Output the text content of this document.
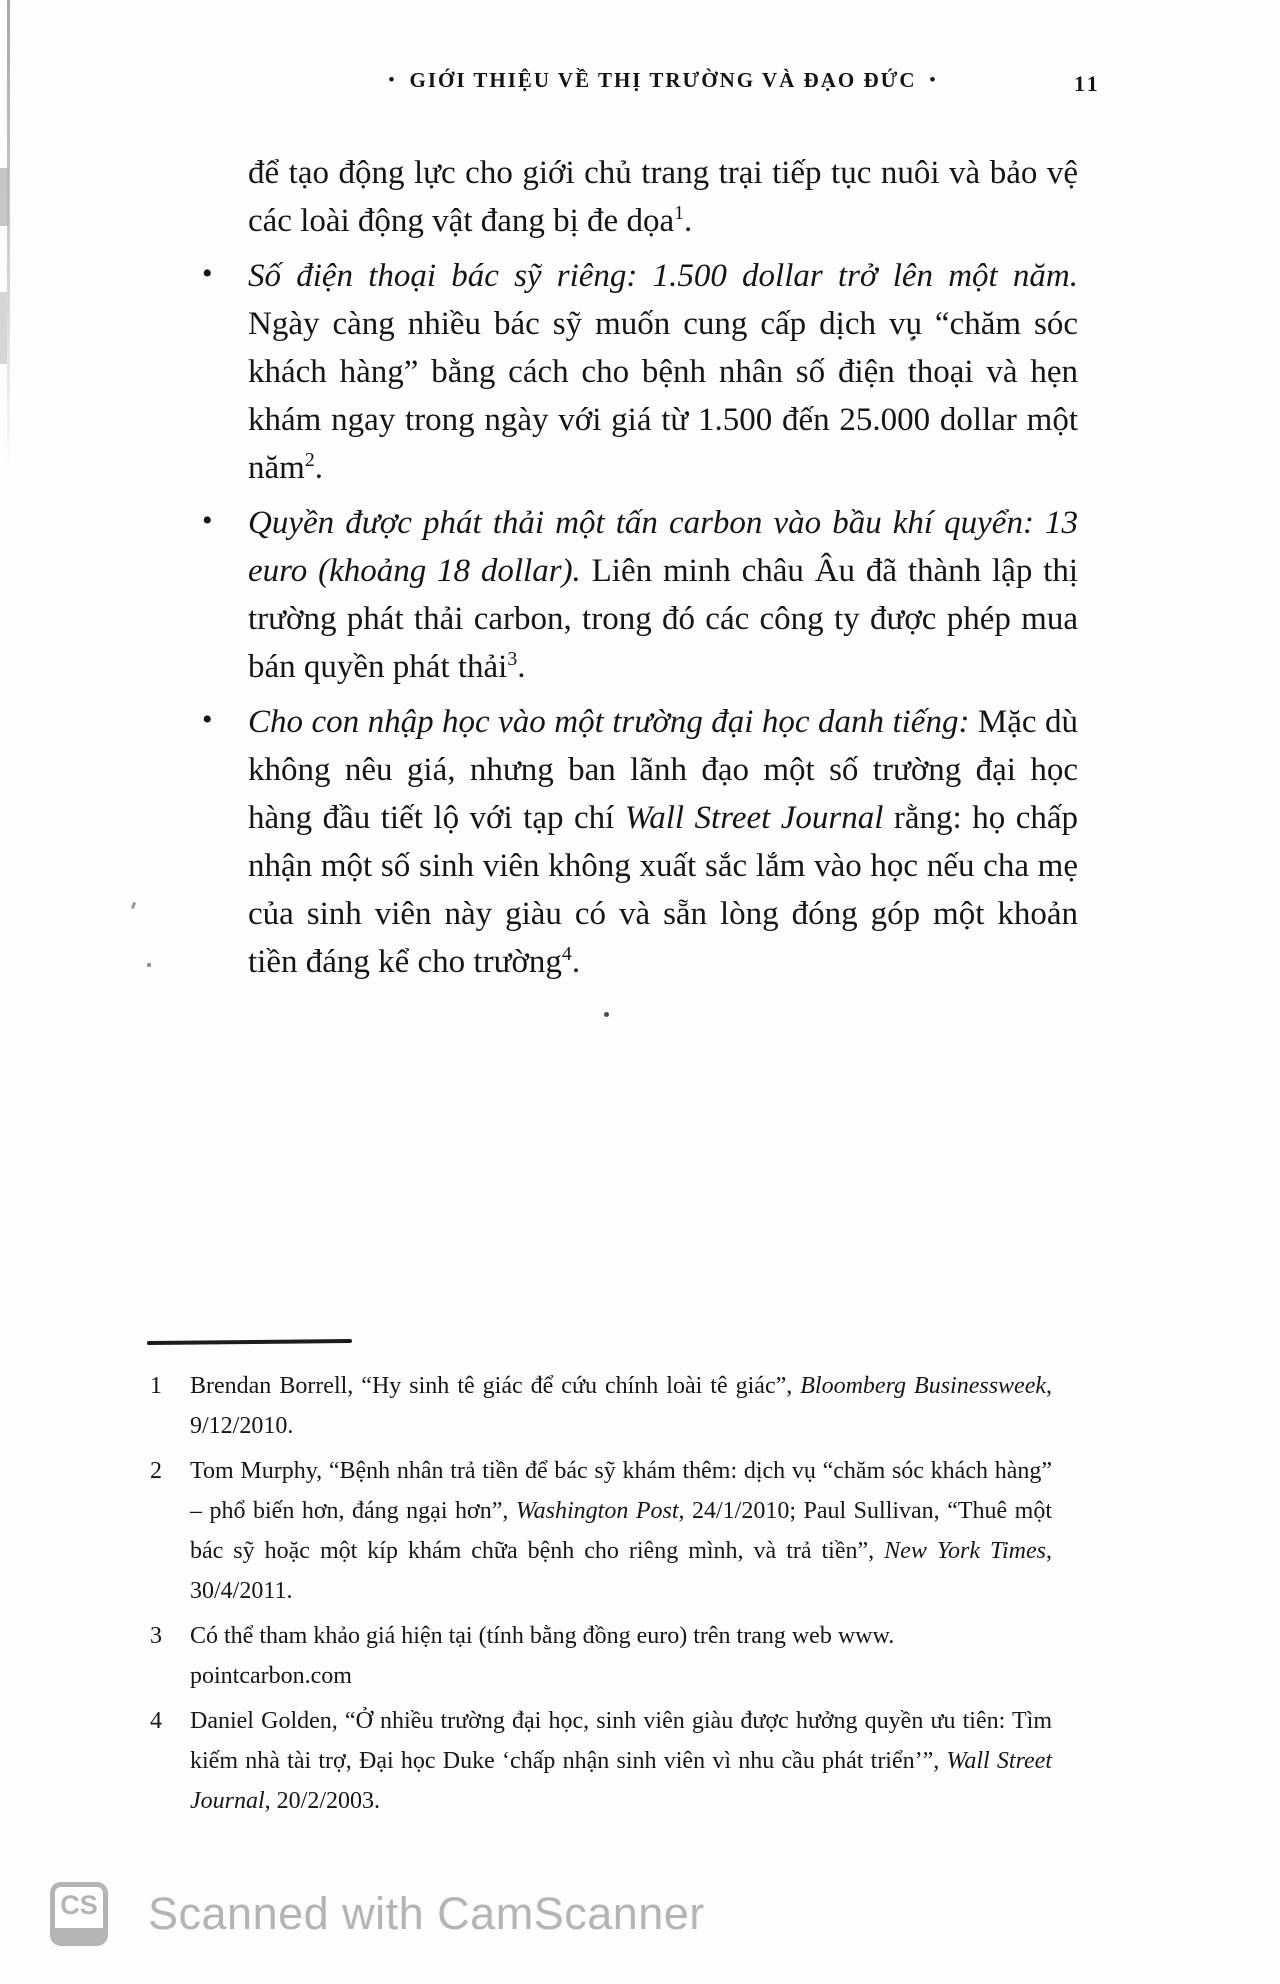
• GIỚI THIỆU VỀ THỊ TRƯỜNG VÀ ĐẠO ĐỨC •	11

để tạo động lực cho giới chủ trang trại tiếp tục nuôi và bảo vệ các loài động vật đang bị đe dọa$^1$.

• Số điện thoại bác sỹ riêng: 1.500 dollar trở lên một năm. Ngày càng nhiều bác sỹ muốn cung cấp dịch vụ “chăm sóc khách hàng” bằng cách cho bệnh nhân số điện thoại và hẹn khám ngay trong ngày với giá từ 1.500 đến 25.000 dollar một năm$^2$.
• Quyền được phát thải một tấn carbon vào bầu khí quyển: 13 euro (khoảng 18 dollar). Liên minh châu Âu đã thành lập thị trường phát thải carbon, trong đó các công ty được phép mua bán quyền phát thải$^3$.
• Cho con nhập học vào một trường đại học danh tiếng: Mặc dù không nêu giá, nhưng ban lãnh đạo một số trường đại học hàng đầu tiết lộ với tạp chí Wall Street Journal rằng: họ chấp nhận một số sinh viên không xuất sắc lắm vào học nếu cha mẹ của sinh viên này giàu có và sẵn lòng đóng góp một khoản tiền đáng kể cho trường$^4$.
1 Brendan Borrell, “Hy sinh tê giác để cứu chính loài tê giác”, Bloomberg Businessweek, 9/12/2010.
2 Tom Murphy, “Bệnh nhân trả tiền để bác sỹ khám thêm: dịch vụ “chăm sóc khách hàng” – phổ biến hơn, đáng ngại hơn”, Washington Post, 24/1/2010; Paul Sullivan, “Thuê một bác sỹ hoặc một kíp khám chữa bệnh cho riêng mình, và trả tiền”, New York Times, 30/4/2011.
3 Có thể tham khảo giá hiện tại (tính bằng đồng euro) trên trang web www.
pointcarbon.com
4 Daniel Golden, “Ở nhiều trường đại học, sinh viên giàu được hưởng quyền ưu tiên: Tìm kiếm nhà tài trợ, Đại học Duke ‘chấp nhận sinh viên vì nhu cầu phát triển’”, Wall Street Journal, 20/2/2003.
CS Scanned with CamScanner
